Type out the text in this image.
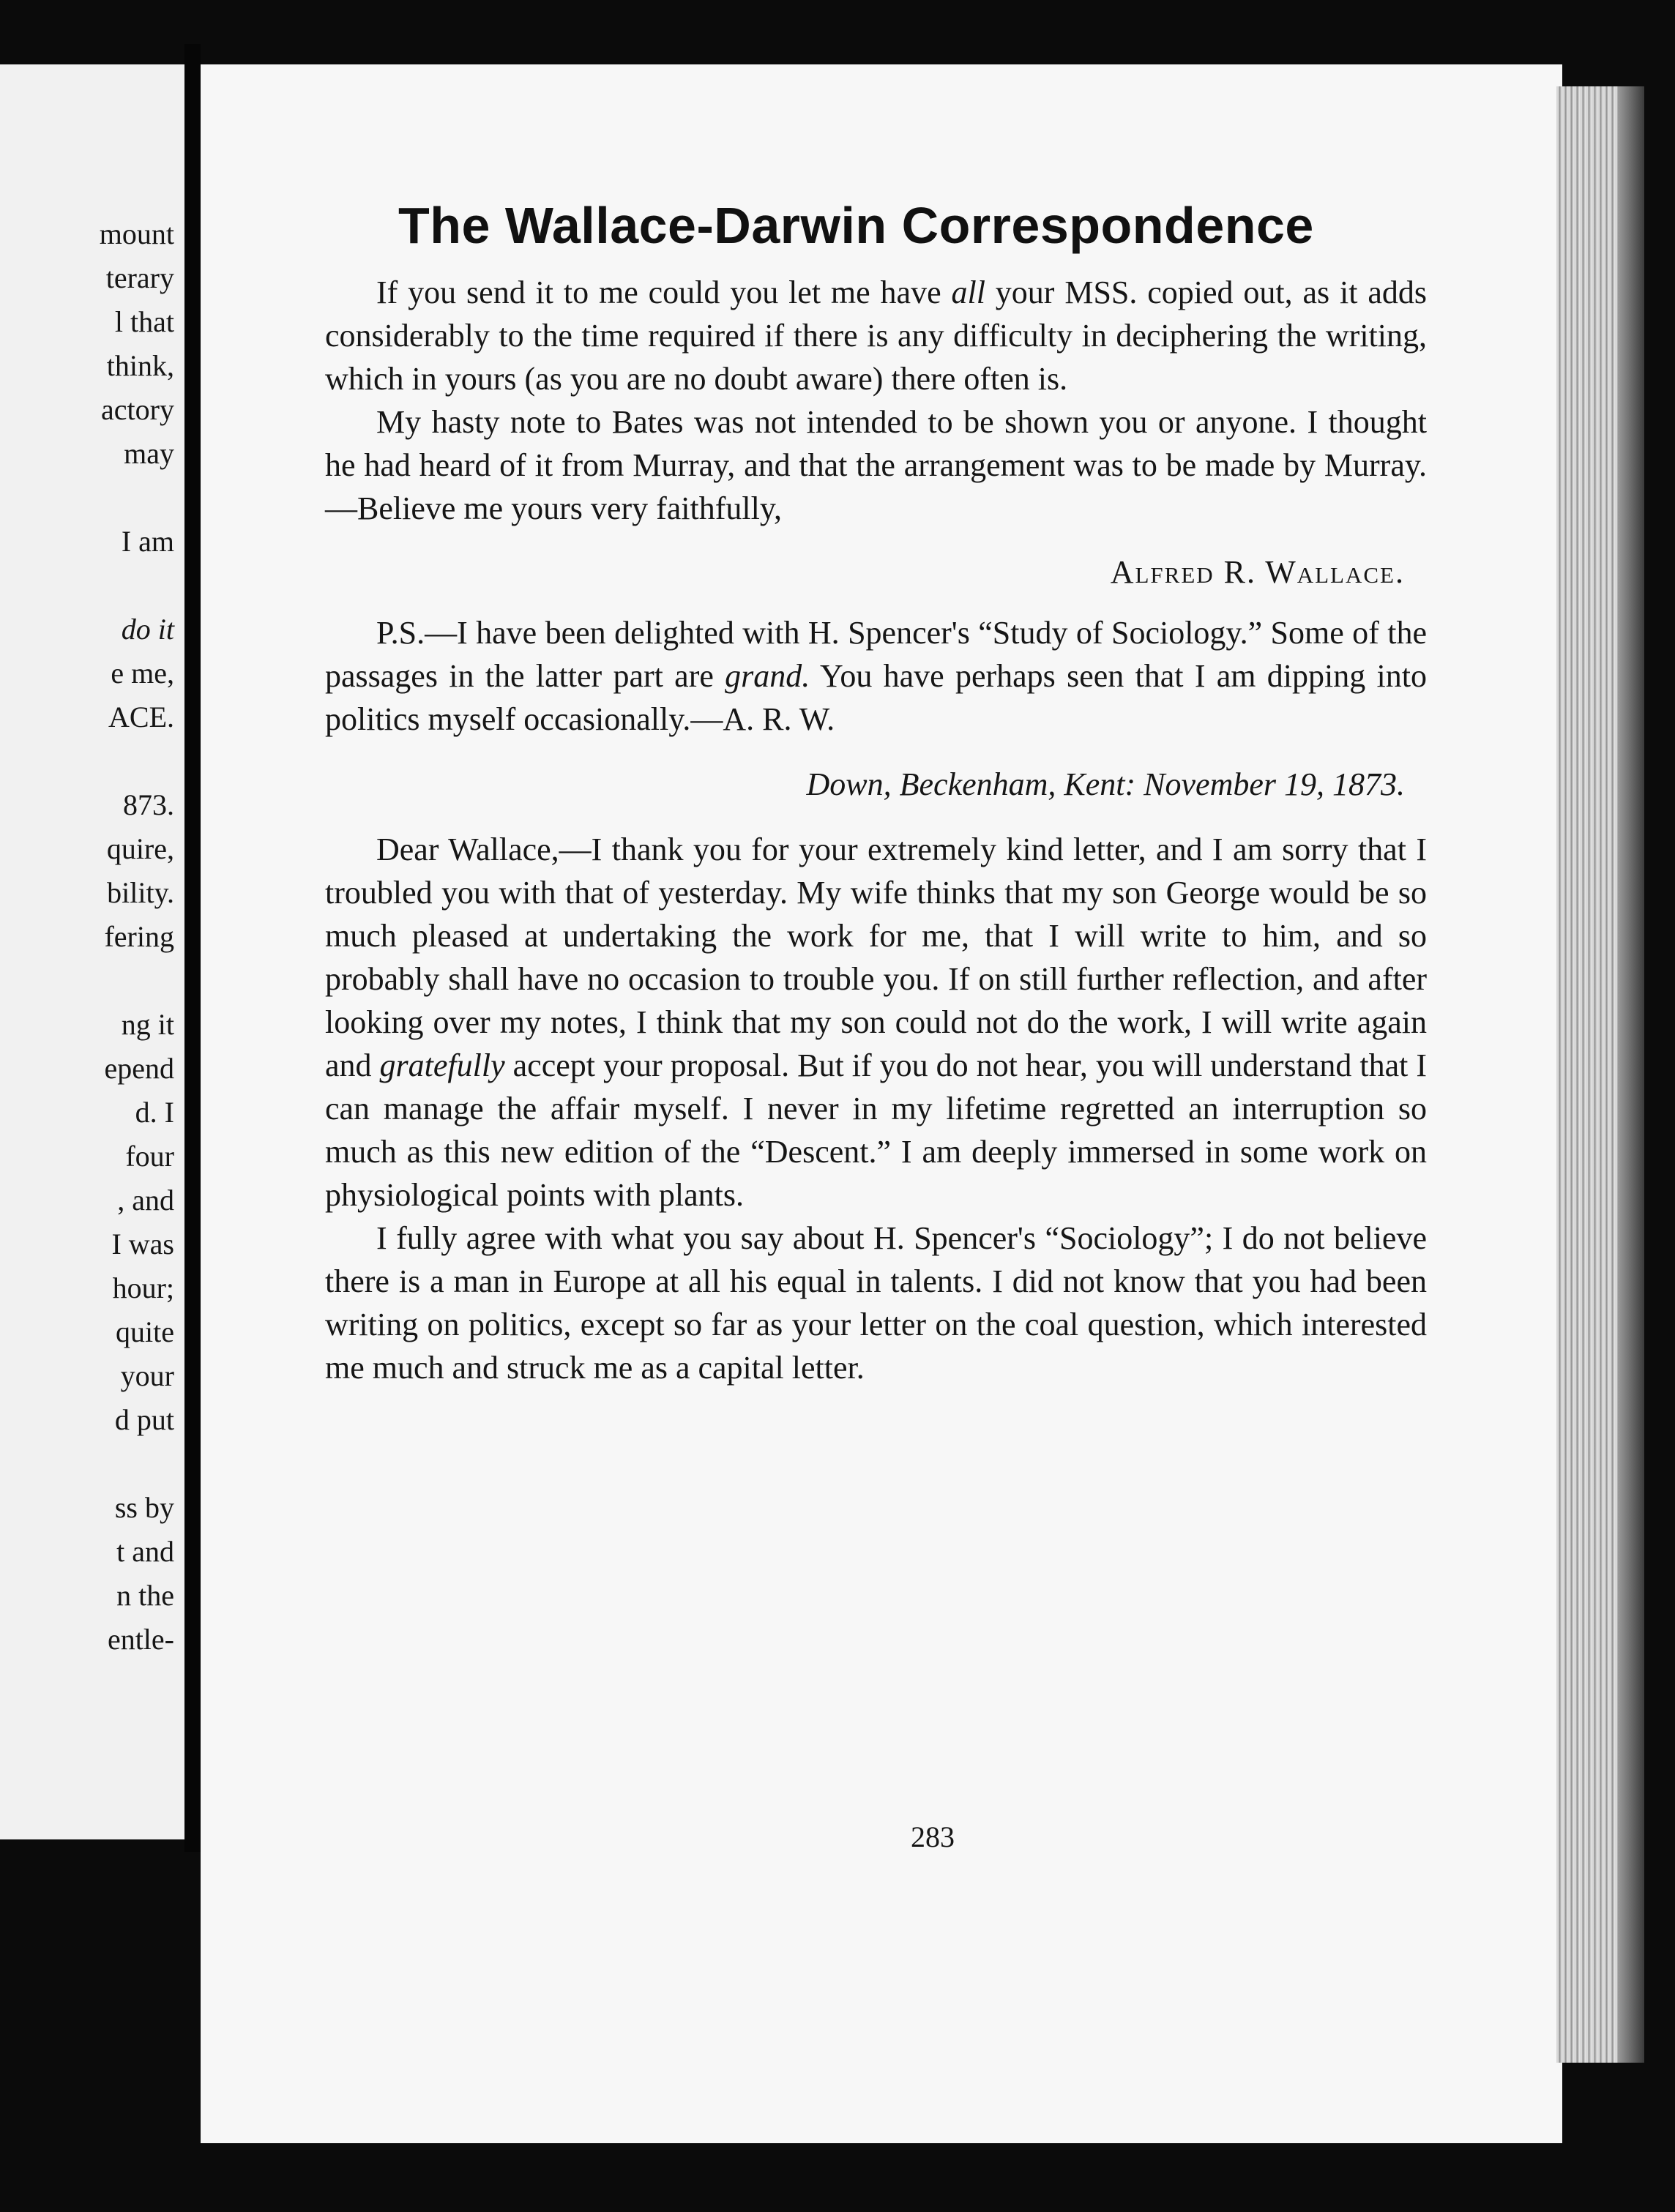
mount
terary
l that
think,
actory
may
I am
do it
e me,
ACE.
873.
quire,
bility.
fering
ng it
epend
d. I
four
, and
I was
hour;
quite
your
d put
ss by
t and
n the
entle-
The Wallace-Darwin Correspondence

If you send it to me could you let me have all your MSS. copied out, as it adds considerably to the time required if there is any difficulty in deciphering the writing, which in yours (as you are no doubt aware) there often is.

My hasty note to Bates was not intended to be shown you or anyone. I thought he had heard of it from Murray, and that the arrangement was to be made by Murray. —Believe me yours very faithfully,

Alfred R. Wallace.

P.S.—I have been delighted with H. Spencer's “Study of Sociology.” Some of the passages in the latter part are grand. You have perhaps seen that I am dipping into politics myself occasionally.—A. R. W.

Down, Beckenham, Kent: November 19, 1873.

Dear Wallace,—I thank you for your extremely kind letter, and I am sorry that I troubled you with that of yesterday. My wife thinks that my son George would be so much pleased at undertaking the work for me, that I will write to him, and so probably shall have no occasion to trouble you. If on still further reflection, and after looking over my notes, I think that my son could not do the work, I will write again and gratefully accept your proposal. But if you do not hear, you will understand that I can manage the affair myself. I never in my lifetime regretted an interruption so much as this new edition of the “Descent.” I am deeply immersed in some work on physiological points with plants.

I fully agree with what you say about H. Spencer's “Sociology”; I do not believe there is a man in Europe at all his equal in talents. I did not know that you had been writing on politics, except so far as your letter on the coal question, which interested me much and struck me as a capital letter.

283
